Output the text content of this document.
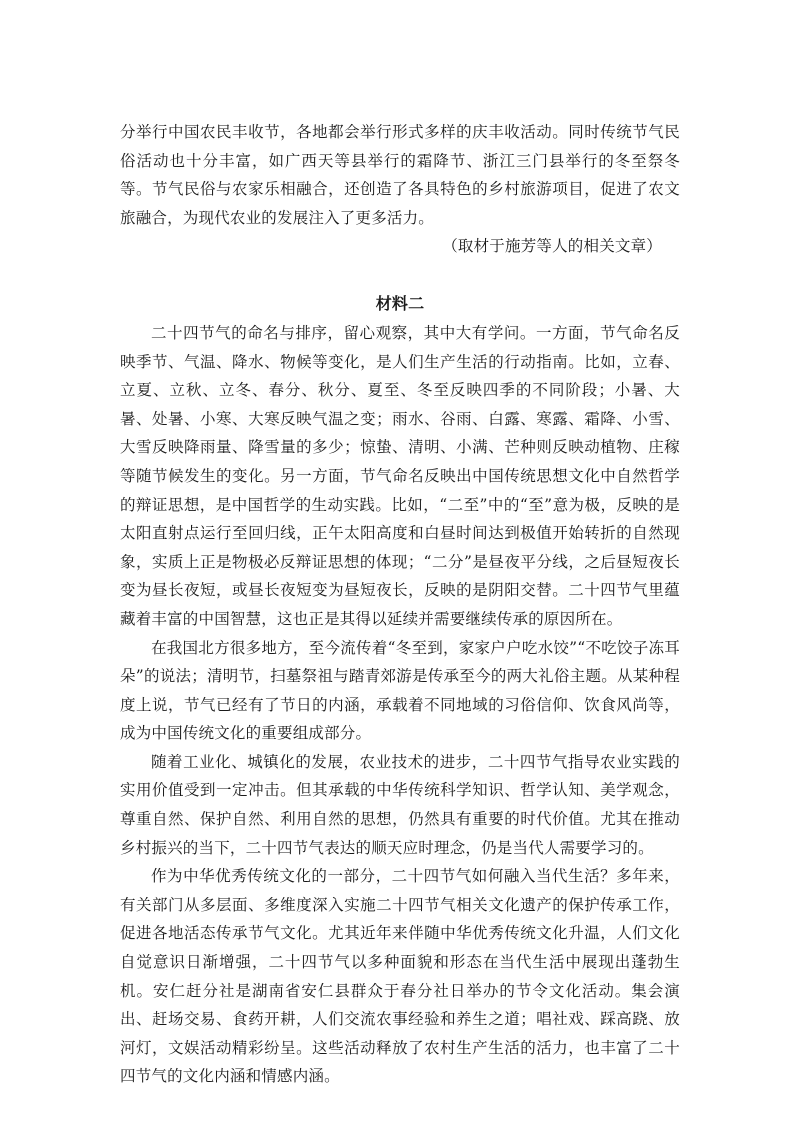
分举行中国农民丰收节，各地都会举行形式多样的庆丰收活动。同时传统节气民俗活动也十分丰富，如广西天等县举行的霜降节、浙江三门县举行的冬至祭冬等。节气民俗与农家乐相融合，还创造了各具特色的乡村旅游项目，促进了农文旅融合，为现代农业的发展注入了更多活力。

（取材于施芳等人的相关文章）

材料二

二十四节气的命名与排序，留心观察，其中大有学问。一方面，节气命名反映季节、气温、降水、物候等变化，是人们生产生活的行动指南。比如，立春、立夏、立秋、立冬、春分、秋分、夏至、冬至反映四季的不同阶段；小暑、大暑、处暑、小寒、大寒反映气温之变；雨水、谷雨、白露、寒露、霜降、小雪、大雪反映降雨量、降雪量的多少；惊蛰、清明、小满、芒种则反映动植物、庄稼等随节候发生的变化。另一方面，节气命名反映出中国传统思想文化中自然哲学的辩证思想，是中国哲学的生动实践。比如，“二至”中的“至”意为极，反映的是太阳直射点运行至回归线，正午太阳高度和白昼时间达到极值开始转折的自然现象，实质上正是物极必反辩证思想的体现；“二分”是昼夜平分线，之后昼短夜长变为昼长夜短，或昼长夜短变为昼短夜长，反映的是阴阳交替。二十四节气里蕴藏着丰富的中国智慧，这也正是其得以延续并需要继续传承的原因所在。

在我国北方很多地方，至今流传着“冬至到，家家户户吃水饺”“不吃饺子冻耳朵”的说法；清明节，扫墓祭祖与踏青郊游是传承至今的两大礼俗主题。从某种程度上说，节气已经有了节日的内涵，承载着不同地域的习俗信仰、饮食风尚等，成为中国传统文化的重要组成部分。

随着工业化、城镇化的发展，农业技术的进步，二十四节气指导农业实践的实用价值受到一定冲击。但其承载的中华传统科学知识、哲学认知、美学观念，尊重自然、保护自然、利用自然的思想，仍然具有重要的时代价值。尤其在推动乡村振兴的当下，二十四节气表达的顺天应时理念，仍是当代人需要学习的。

作为中华优秀传统文化的一部分，二十四节气如何融入当代生活？多年来，有关部门从多层面、多维度深入实施二十四节气相关文化遗产的保护传承工作，促进各地活态传承节气文化。尤其近年来伴随中华优秀传统文化升温，人们文化自觉意识日渐增强，二十四节气以多种面貌和形态在当代生活中展现出蓬勃生机。安仁赶分社是湖南省安仁县群众于春分社日举办的节令文化活动。集会演出、赶场交易、食药开耕，人们交流农事经验和养生之道；唱社戏、踩高跷、放河灯，文娱活动精彩纷呈。这些活动释放了农村生产生活的活力，也丰富了二十四节气的文化内涵和情感内涵。
